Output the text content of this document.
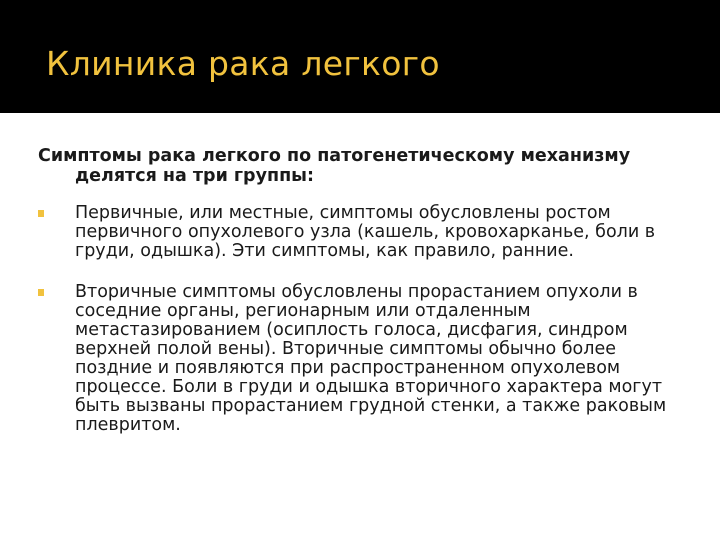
Клиника рака легкого

Симптомы рака легкого по патогенетическому механизму делятся на три группы:

Первичные, или местные, симптомы обусловлены ростом первичного опухолевого узла (кашель, кровохарканье, боли в груди, одышка). Эти симптомы, как правило, ранние.
Вторичные симптомы обусловлены прорастанием опухоли в соседние органы, регионарным или отдаленным метастазированием (осиплость голоса, дисфагия, синдром верхней полой вены). Вторичные симптомы обычно более поздние и появляются при распространенном опухолевом процессе. Боли в груди и одышка вторичного характера могут быть вызваны прорастанием грудной стенки, а также раковым плевритом.
